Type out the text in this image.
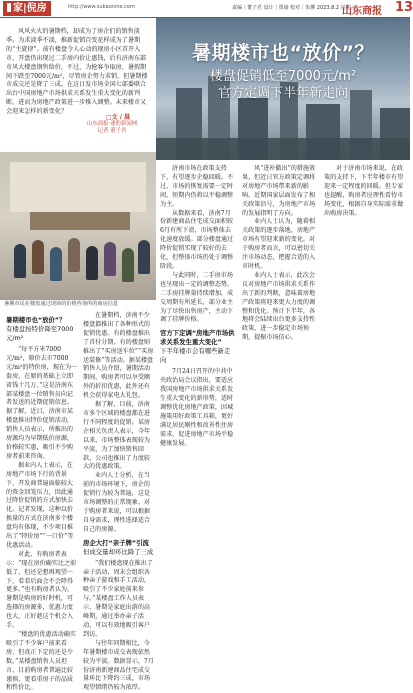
家|倪房	http://www.subaonine.com	责编｜董子君 设计｜贾瑜 校对｜朱柳 2023.8.2 星期三
山东商报 13
暑期楼市也“放价”？
楼盘促销低至7000元/m²
官方定调下半年新走向
风风火火的暑期档，却成为了房企们的销售淡季。为求淡季不淡，推新促销百变花样成为了暑期的“主旋律”。前有楼盘令人心动的现房小区首开入市，开盘仍出现过二手房内价让惠钱，后有济南东部市风大楼盘钢售给价，不过，为抢客争取房，暑假期间下跌至7000元/m²，尽管房企努力求销，但暑期楼市成交还是降了三成。在这日发市场全国七部委联合出台中国房地产市场供求关系发生重大变化的新判断，进而为房地产政策进一步推入调整。未来楼市又会迎来怎样的新变化？
□文 / 晨
山东商报·速豹新闻网
记者 董子君
暑期市民在楼盘通过现场的价格咨询所的商房信息
暑期楼市也“放价”？
有楼盘按特价降至7000元/m²

“每平方米7000元/m²，原价去市7000元/m²的特价房，现在为一套房，在原的基础上立即省钱十几万。”这是济南东部某楼盘一位销售员向记者发送的近期促销信息。据了解，近日，济南市某楼盘推出特价促销活动，销售人员表示，所推出的房源均为早期低价房源，价格较实惠，吸引不少购房者前来咨询。

据业内人士表示，在房地产市场下行的背景下，开发商普遍面临较大的资金回笼压力，因此通过降价促销的方式加快去化。记者发现，这种以价换量的方式在济南多个楼盘均有体现，不少项目推出了“特价房”“一口价”等优惠活动。

对此，有购房者表示：“现在房价确实比之前低了，但还是想再观望一下，看看后面会不会降得更多。”也有购房者认为，暑期是购房的好时机，可选择的房源多，优惠力度也大，正好趁这个机会入手。

“楼盘的优惠活动确实吸引了不少客户前来看房，但真正下定的还是少数。”某楼盘销售人员坦言，目前购房者普遍比较谨慎，更看重房子的品质和性价比。

在暑期档，济南不少楼盘都推出了各种形式的促销优惠。有的楼盘推出了首付分期，有的楼盘则推出了“买房送车位”“买房送装修”等活动。据某楼盘销售人员介绍，暑期活动期间，购房者可以享受额外的折扣优惠，此外还有机会获得家电大礼包。

据了解，目前，济南市多个区域的楼盘都在进行不同程度的促销。某房企相关负责人表示，今年以来，市场整体表现较为平淡，为了加快销售回款，公司也推出了力度较大的优惠政策。

业内人士分析，在当前的市场环境下，房企的促销行为较为普遍，这是市场调整的正常现象。对于购房者来说，可以根据自身需求，理性选择适合自己的房源。

房企大打“亲子牌”引流
但成交量却环比降了三成

“我们楼盘现在推出了亲子活动，周末会组织各种亲子游戏和手工活动，吸引了不少家庭前来参与。”某楼盘工作人员表示，暑期是家庭出游的高峰期，通过举办亲子活动，可以有效地吸引客户到访。

与往年同期相比，今年暑期楼市成交表现依然较为平淡。数据显示，7月份济南新建商品住宅成交量环比下降约三成，市场观望情绪仍较为浓厚。

济南市场在政策支持下，有望逐步企稳回暖。不过，市场的恢复需要一定时间，短期内仍将以平稳调整为主。

从数据来看，济南7月份新建商品住宅成交面积较6月有所下滑，市场整体去化速度放缓。部分楼盘通过降价促销实现了较好的去化，但整体市场仍处于调整阶段。

与此同时，二手房市场也呈现出一定的调整态势。二手房挂牌量持续增加，成交周期有所延长，部分业主为了尽快出售房产，主动下调了挂牌价格。

官方下定调“房地产市场供求关系发生重大变化”
下半年楼市会有哪些新走向

7月24日召开的中共中央政治局会议指出，要适应我国房地产市场供求关系发生重大变化的新形势，适时调整优化房地产政策，因城施策用好政策工具箱，更好满足居民刚性和改善性住房需求，促进房地产市场平稳健康发展。

风“进补撤出”的措施效果，但近日官方政策定调将对房地产市场带来新的影响。近期国家层面发布了相关政策信号，为房地产市场的发展指明了方向。

业内人士认为，随着相关政策的逐步落地，房地产市场有望迎来新的变化。对于购房者而言，可以密切关注市场动态，把握合适的入市时机。

业内人士表示，此次会议对房地产市场供求关系作出了新的判断，意味着房地产政策将迎来更大力度的调整和优化。预计下半年，各地将会陆续出台更多支持性政策，进一步稳定市场预期，提振市场信心。

对于济南市场来说，在政策的支持下，下半年楼市有望迎来一定程度的回暖。但专家也提醒，购房者应理性看待市场变化，根据自身实际需求做出购房决策。
